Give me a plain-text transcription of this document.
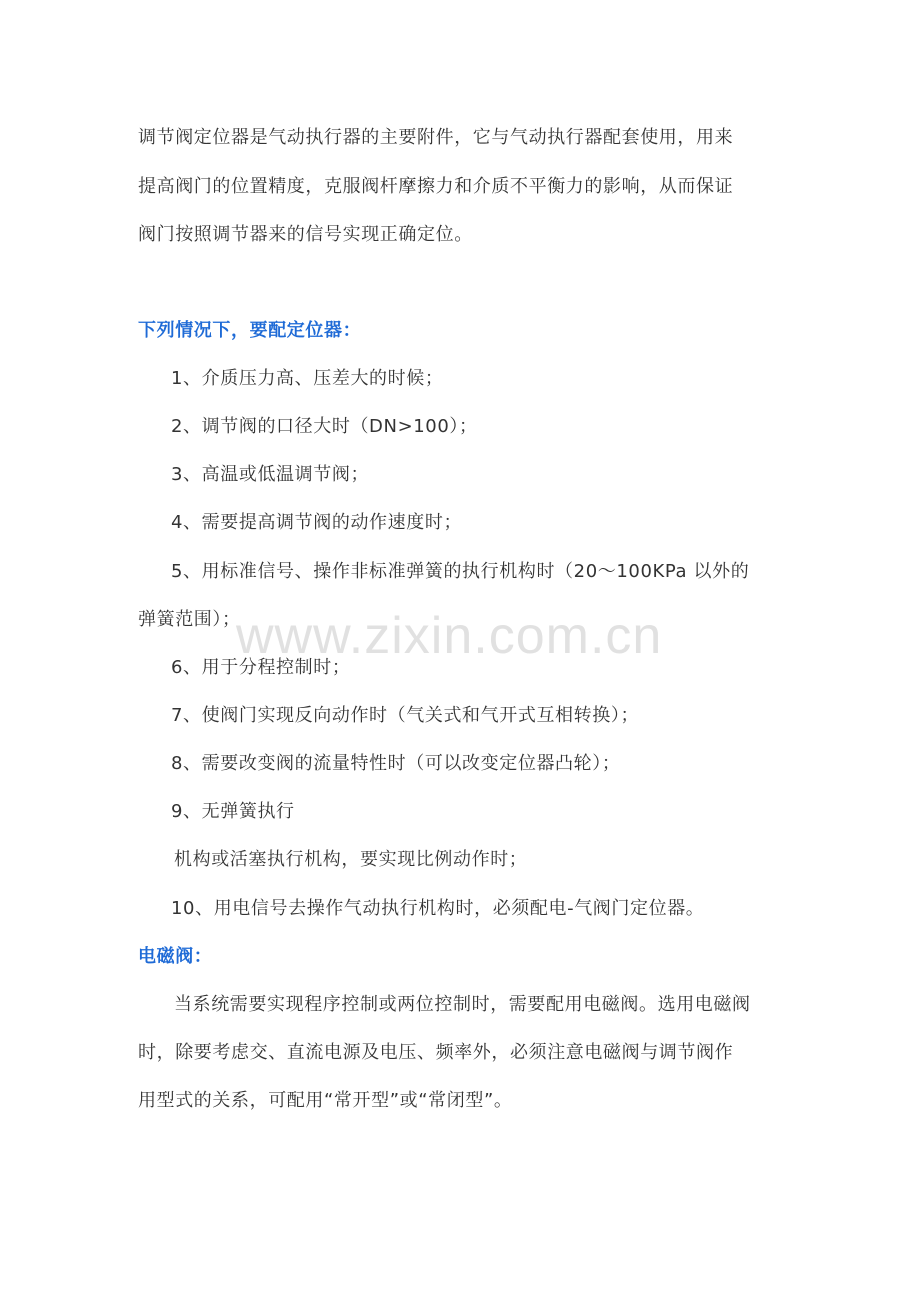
调节阀定位器是气动执行器的主要附件，它与气动执行器配套使用，用来
提高阀门的位置精度，克服阀杆摩擦力和介质不平衡力的影响，从而保证
阀门按照调节器来的信号实现正确定位。
下列情况下，要配定位器：
1、介质压力高、压差大的时候；
2、调节阀的口径大时（DN>100）；
3、高温或低温调节阀；
4、需要提高调节阀的动作速度时；
5、用标准信号、操作非标准弹簧的执行机构时（20～100KPa 以外的
弹簧范围）；
6、用于分程控制时；
7、使阀门实现反向动作时（气关式和气开式互相转换）；
8、需要改变阀的流量特性时（可以改变定位器凸轮）；
9、无弹簧执行
机构或活塞执行机构，要实现比例动作时；
10、用电信号去操作气动执行机构时，必须配电-气阀门定位器。
电磁阀：
当系统需要实现程序控制或两位控制时，需要配用电磁阀。选用电磁阀
时，除要考虑交、直流电源及电压、频率外，必须注意电磁阀与调节阀作
用型式的关系，可配用“常开型”或“常闭型”。
www.zixin.com.cn
